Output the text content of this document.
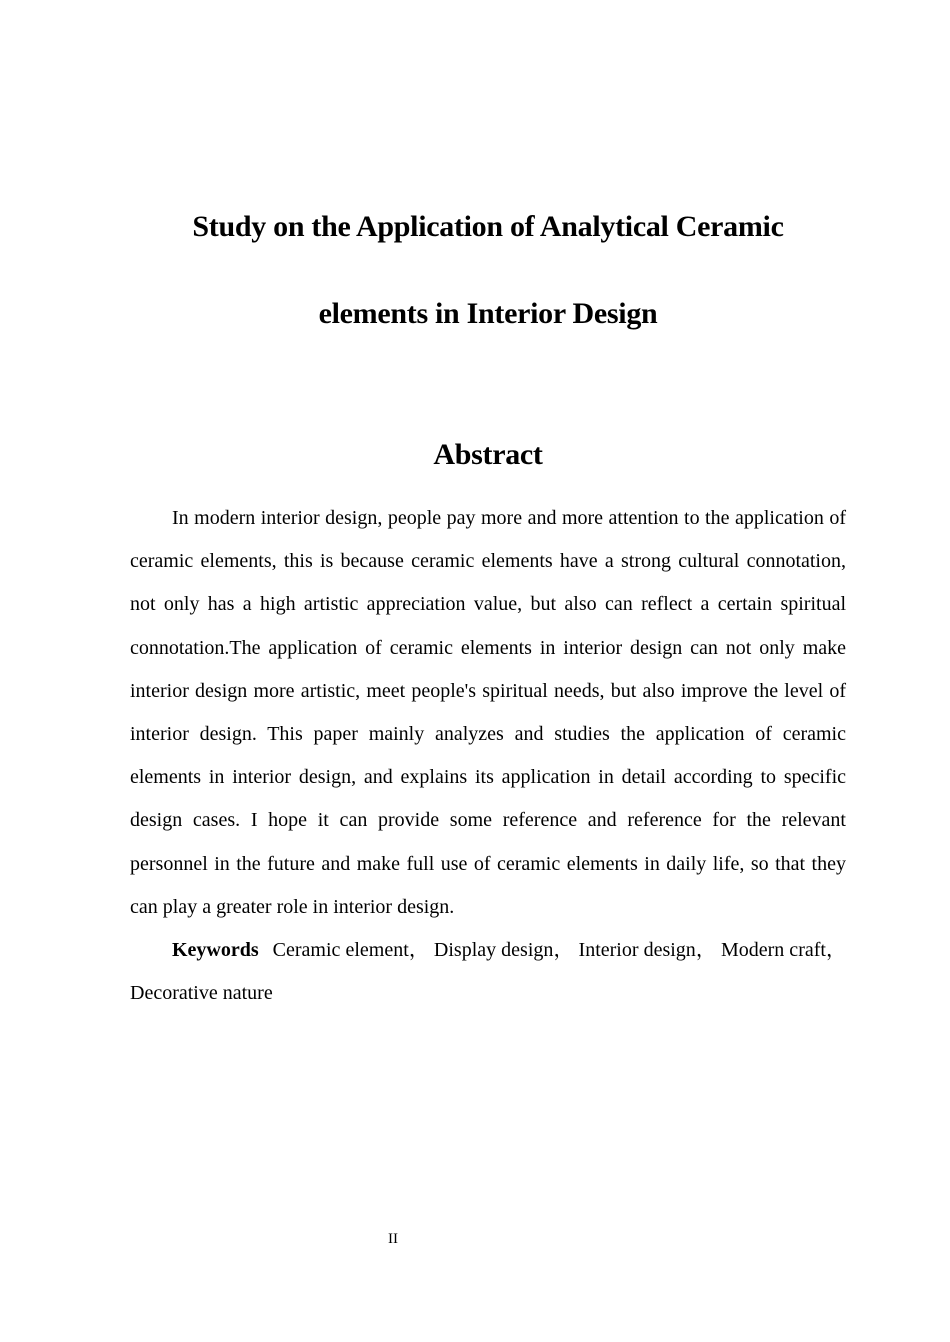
Study on the Application of Analytical Ceramic
elements in Interior Design
Abstract

In modern interior design, people pay more and more attention to the application of ceramic elements, this is because ceramic elements have a strong cultural connotation, not only has a high artistic appreciation value, but also can reflect a certain spiritual connotation.The application of ceramic elements in interior design can not only make interior design more artistic, meet people's spiritual needs, but also improve the level of interior design. This paper mainly analyzes and studies the application of ceramic elements in interior design, and explains its application in detail according to specific design cases. I hope it can provide some reference and reference for the relevant personnel in the future and make full use of ceramic elements in daily life, so that they can play a greater role in interior design.

Keywords Ceramic element， Display design， Interior design， Modern craft， Decorative nature

II
